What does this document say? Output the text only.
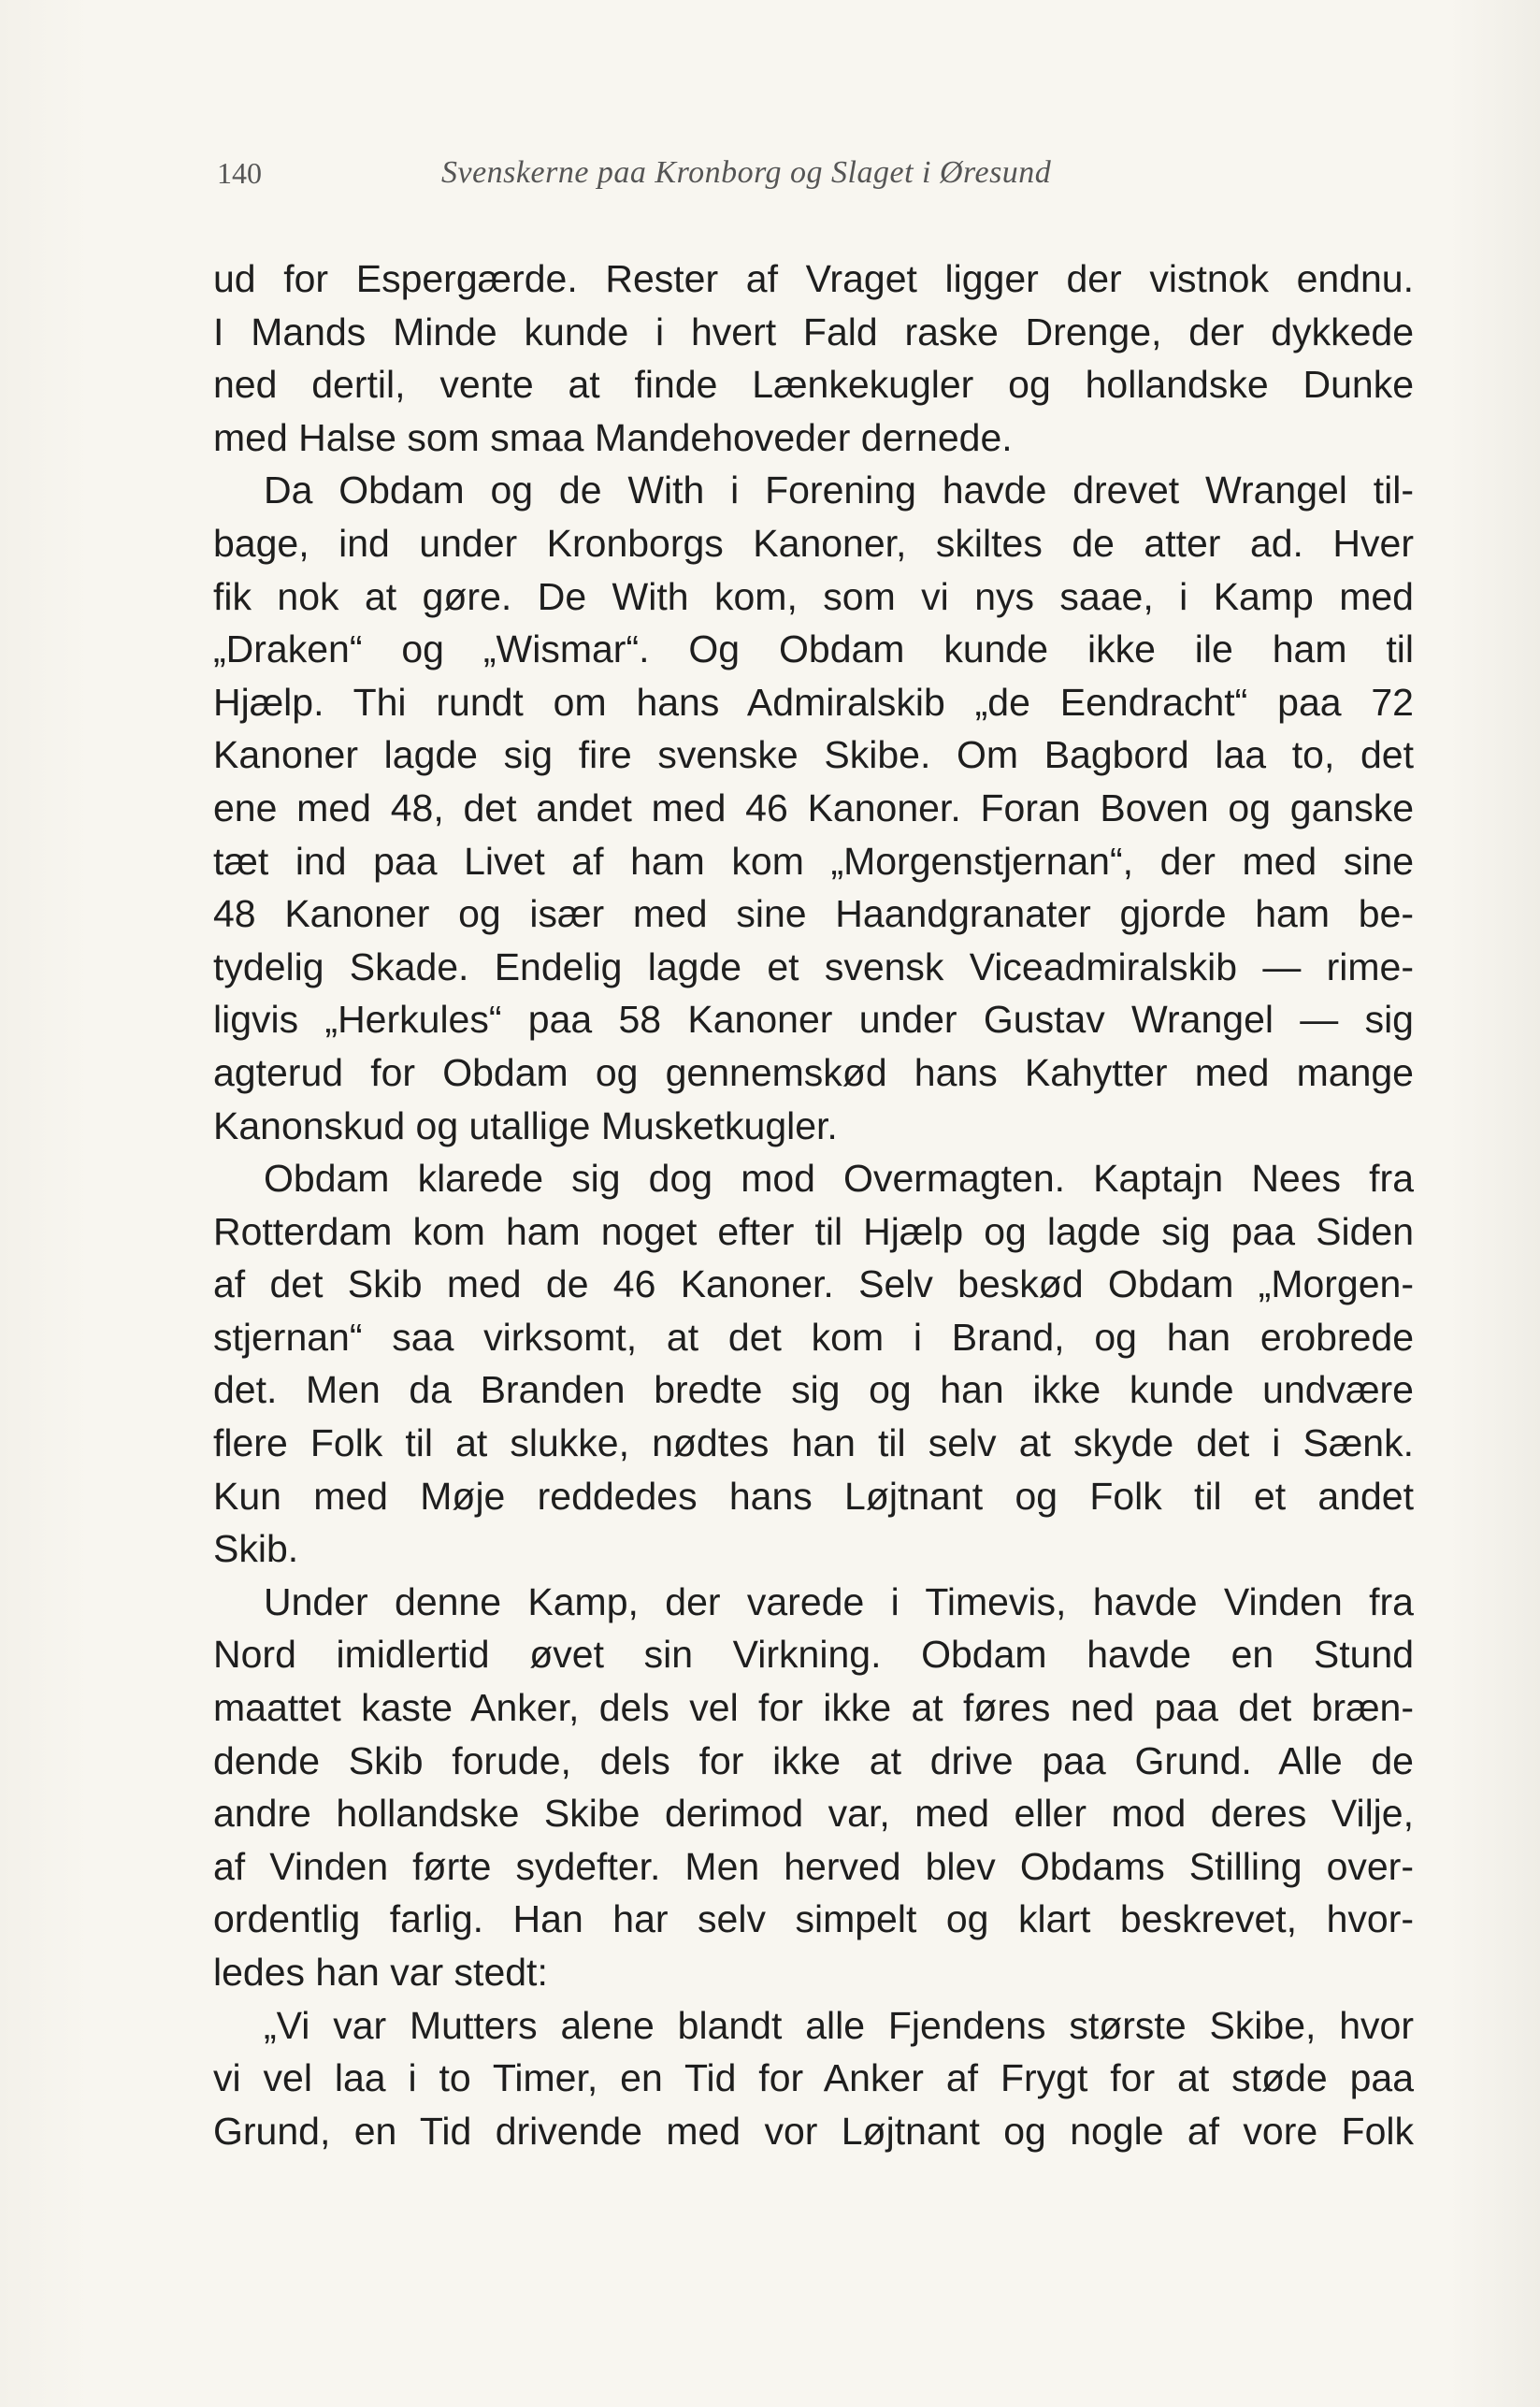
140	Svenskerne paa Kronborg og Slaget i Øresund
ud for Espergærde. Rester af Vraget ligger der vistnok endnu.
I Mands Minde kunde i hvert Fald raske Drenge, der dykkede
ned dertil, vente at finde Lænkekugler og hollandske Dunke
med Halse som smaa Mandehoveder dernede.
Da Obdam og de With i Forening havde drevet Wrangel til-
bage, ind under Kronborgs Kanoner, skiltes de atter ad. Hver
fik nok at gøre. De With kom, som vi nys saae, i Kamp med
„Draken“ og „Wismar“. Og Obdam kunde ikke ile ham til
Hjælp. Thi rundt om hans Admiralskib „de Eendracht“ paa 72
Kanoner lagde sig fire svenske Skibe. Om Bagbord laa to, det
ene med 48, det andet med 46 Kanoner. Foran Boven og ganske
tæt ind paa Livet af ham kom „Morgenstjernan“, der med sine
48 Kanoner og især med sine Haandgranater gjorde ham be-
tydelig Skade. Endelig lagde et svensk Viceadmiralskib — rime-
ligvis „Herkules“ paa 58 Kanoner under Gustav Wrangel — sig
agterud for Obdam og gennemskød hans Kahytter med mange
Kanonskud og utallige Musketkugler.
Obdam klarede sig dog mod Overmagten. Kaptajn Nees fra
Rotterdam kom ham noget efter til Hjælp og lagde sig paa Siden
af det Skib med de 46 Kanoner. Selv beskød Obdam „Morgen-
stjernan“ saa virksomt, at det kom i Brand, og han erobrede
det. Men da Branden bredte sig og han ikke kunde undvære
flere Folk til at slukke, nødtes han til selv at skyde det i Sænk.
Kun med Møje reddedes hans Løjtnant og Folk til et andet
Skib.
Under denne Kamp, der varede i Timevis, havde Vinden fra
Nord imidlertid øvet sin Virkning. Obdam havde en Stund
maattet kaste Anker, dels vel for ikke at føres ned paa det bræn-
dende Skib forude, dels for ikke at drive paa Grund. Alle de
andre hollandske Skibe derimod var, med eller mod deres Vilje,
af Vinden førte sydefter. Men herved blev Obdams Stilling over-
ordentlig farlig. Han har selv simpelt og klart beskrevet, hvor-
ledes han var stedt:
„Vi var Mutters alene blandt alle Fjendens største Skibe, hvor
vi vel laa i to Timer, en Tid for Anker af Frygt for at støde paa
Grund, en Tid drivende med vor Løjtnant og nogle af vore Folk
